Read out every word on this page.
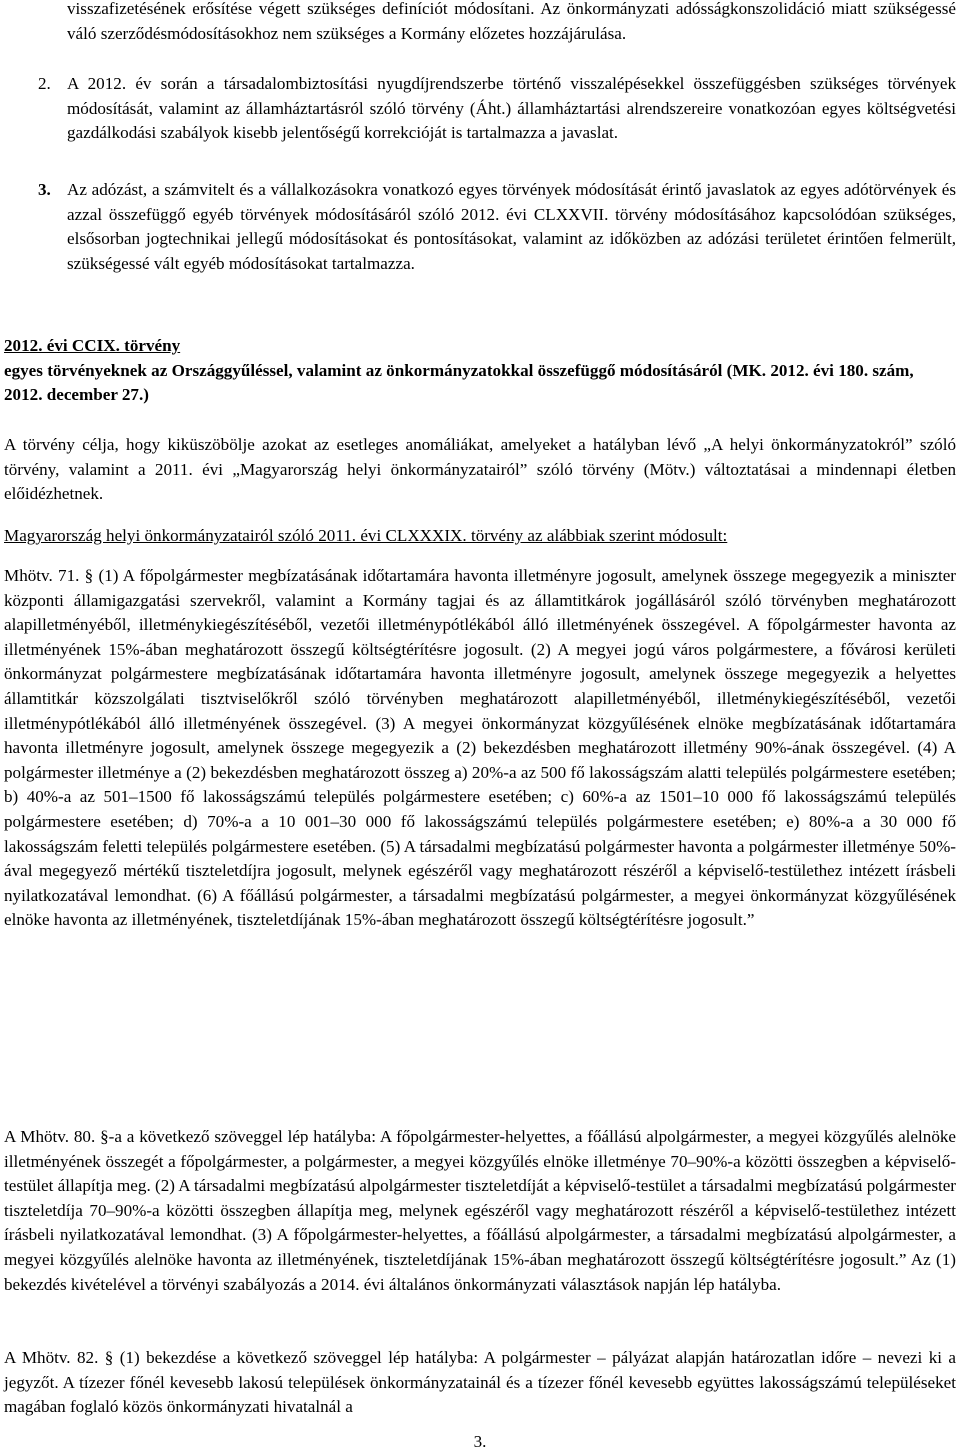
visszafizetésének erősítése végett szükséges definíciót módosítani. Az önkormányzati adósságkonszolidáció miatt szükségessé váló szerződésmódosításokhoz nem szükséges a Kormány előzetes hozzájárulása.

2. A 2012. év során a társadalombiztosítási nyugdíjrendszerbe történő visszalépésekkel összefüggésben szükséges törvények módosítását, valamint az államháztartásról szóló törvény (Áht.) államháztartási alrendszereire vonatkozóan egyes költségvetési gazdálkodási szabályok kisebb jelentőségű korrekcióját is tartalmazza a javaslat.

3. Az adózást, a számvitelt és a vállalkozásokra vonatkozó egyes törvények módosítását érintő javaslatok az egyes adótörvények és azzal összefüggő egyéb törvények módosításáról szóló 2012. évi CLXXVII. törvény módosításához kapcsolódóan szükséges, elsősorban jogtechnikai jellegű módosításokat és pontosításokat, valamint az időközben az adózási területet érintően felmerült, szükségessé vált egyéb módosításokat tartalmazza.

2012. évi CCIX. törvény

egyes törvényeknek az Országgyűléssel, valamint az önkormányzatokkal összefüggő módosításáról (MK. 2012. évi 180. szám, 2012. december 27.)

A törvény célja, hogy kiküszöbölje azokat az esetleges anomáliákat, amelyeket a hatályban lévő „A helyi önkormányzatokról” szóló törvény, valamint a 2011. évi „Magyarország helyi önkormányzatairól” szóló törvény (Mötv.) változtatásai a mindennapi életben előidézhetnek.

Magyarország helyi önkormányzatairól szóló 2011. évi CLXXXIX. törvény az alábbiak szerint módosult:

Mhötv. 71. § (1) A főpolgármester megbízatásának időtartamára havonta illetményre jogosult, amelynek összege megegyezik a miniszter központi államigazgatási szervekről, valamint a Kormány tagjai és az államtitkárok jogállásáról szóló törvényben meghatározott alapilletményéből, illetménykiegészítéséből, vezetői illetménypótlékából álló illetményének összegével. A főpolgármester havonta az illetményének 15%-ában meghatározott összegű költségtérítésre jogosult. (2) A megyei jogú város polgármestere, a fővárosi kerületi önkormányzat polgármestere megbízatásának időtartamára havonta illetményre jogosult, amelynek összege megegyezik a helyettes államtitkár közszolgálati tisztviselőkről szóló törvényben meghatározott alapilletményéből, illetménykiegészítéséből, vezetői illetménypótlékából álló illetményének összegével. (3) A megyei önkormányzat közgyűlésének elnöke megbízatásának időtartamára havonta illetményre jogosult, amelynek összege megegyezik a (2) bekezdésben meghatározott illetmény 90%-ának összegével. (4) A polgármester illetménye a (2) bekezdésben meghatározott összeg a) 20%-a az 500 fő lakosságszám alatti település polgármestere esetében; b) 40%-a az 501–1500 fő lakosságszámú település polgármestere esetében; c) 60%-a az 1501–10 000 fő lakosságszámú település polgármestere esetében; d) 70%-a a 10 001–30 000 fő lakosságszámú település polgármestere esetében; e) 80%-a a 30 000 fő lakosságszám feletti település polgármestere esetében. (5) A társadalmi megbízatású polgármester havonta a polgármester illetménye 50%-ával megegyező mértékű tiszteletdíjra jogosult, melynek egészéről vagy meghatározott részéről a képviselő-testülethez intézett írásbeli nyilatkozatával lemondhat. (6) A főállású polgármester, a társadalmi megbízatású polgármester, a megyei önkormányzat közgyűlésének elnöke havonta az illetményének, tiszteletdíjának 15%-ában meghatározott összegű költségtérítésre jogosult.”

A Mhötv. 80. §-a a következő szöveggel lép hatályba: A főpolgármester-helyettes, a főállású alpolgármester, a megyei közgyűlés alelnöke illetményének összegét a főpolgármester, a polgármester, a megyei közgyűlés elnöke illetménye 70–90%-a közötti összegben a képviselő-testület állapítja meg. (2) A társadalmi megbízatású alpolgármester tiszteletdíját a képviselő-testület a társadalmi megbízatású polgármester tiszteletdíja 70–90%-a közötti összegben állapítja meg, melynek egészéről vagy meghatározott részéről a képviselő-testülethez intézett írásbeli nyilatkozatával lemondhat. (3) A főpolgármester-helyettes, a főállású alpolgármester, a társadalmi megbízatású alpolgármester, a megyei közgyűlés alelnöke havonta az illetményének, tiszteletdíjának 15%-ában meghatározott összegű költségtérítésre jogosult.” Az (1) bekezdés kivételével a törvényi szabályozás a 2014. évi általános önkormányzati választások napján lép hatályba.

A Mhötv. 82. § (1) bekezdése a következő szöveggel lép hatályba: A polgármester – pályázat alapján határozatlan időre – nevezi ki a jegyzőt. A tízezer főnél kevesebb lakosú települések önkormányzatainál és a tízezer főnél kevesebb együttes lakosságszámú településeket magában foglaló közös önkormányzati hivatalnál a

3.
